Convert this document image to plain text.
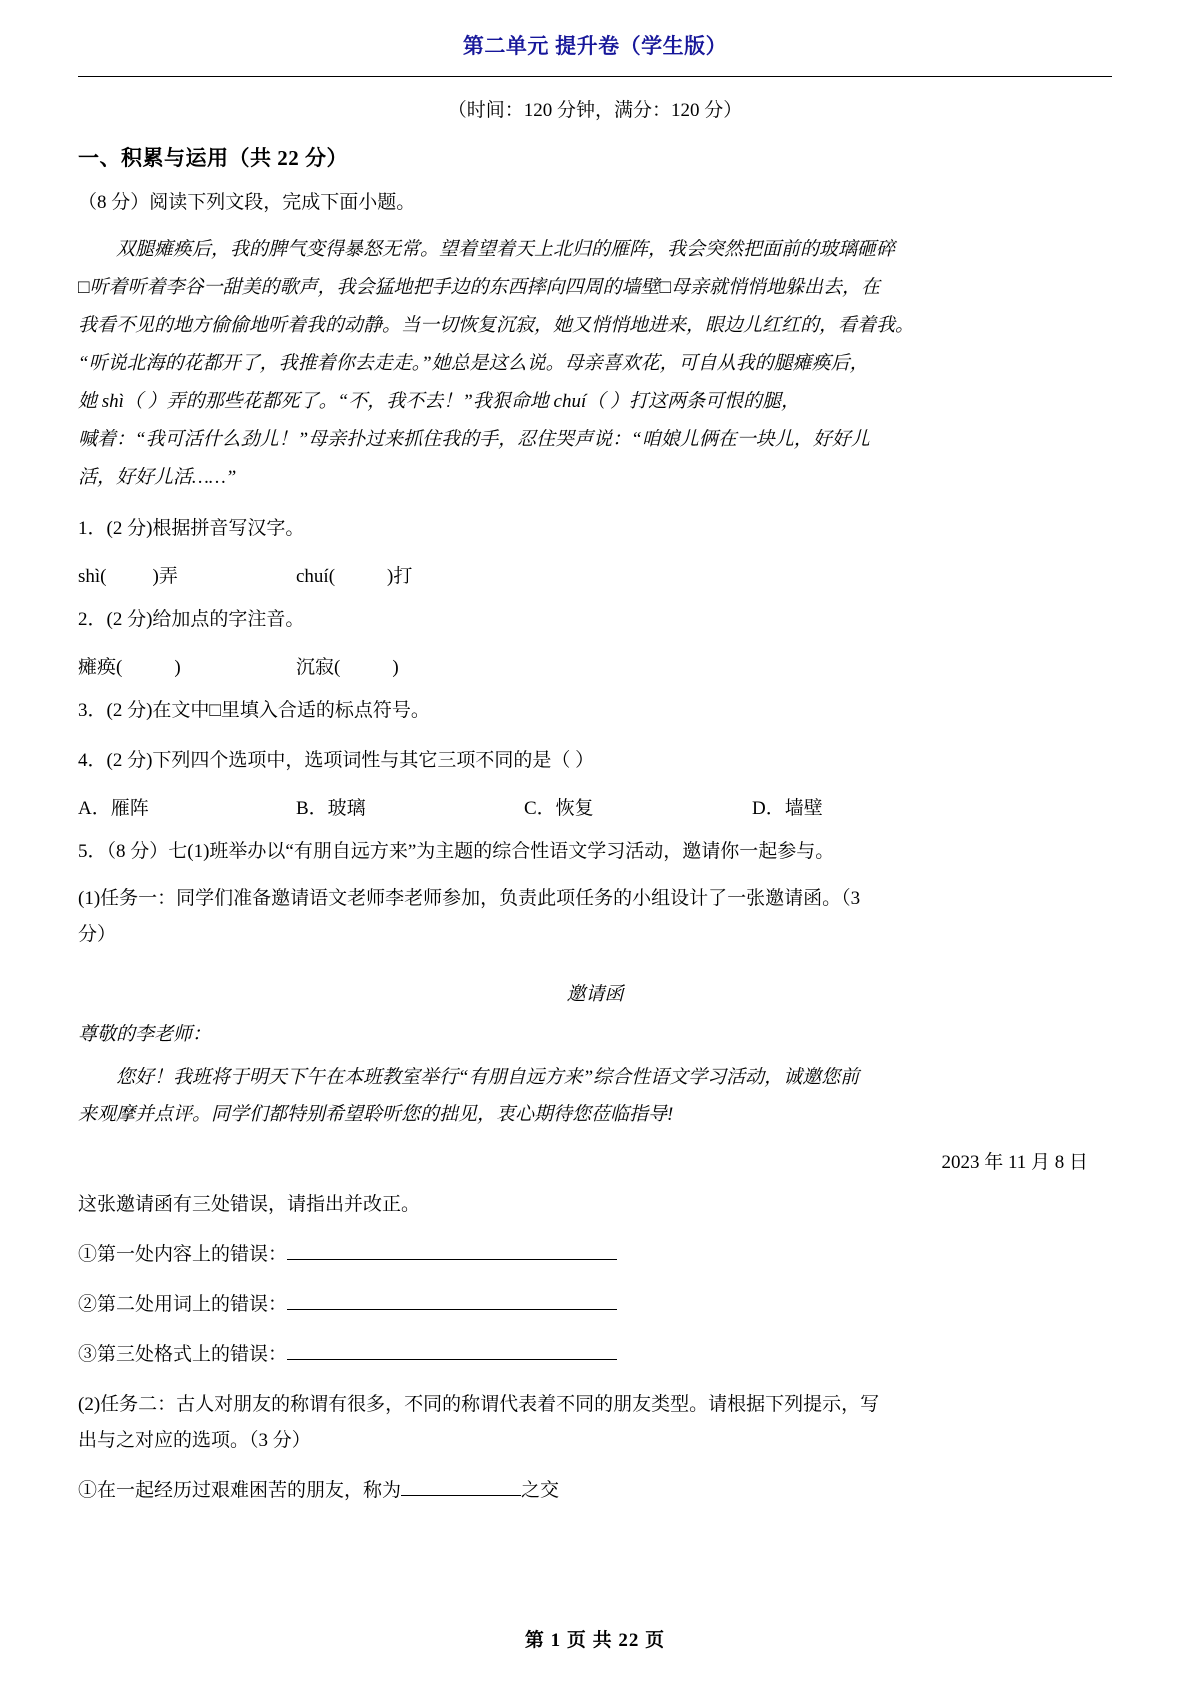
第二单元 提升卷（学生版）
（时间：120 分钟，满分：120 分）
一、积累与运用（共 22 分）

（8 分）阅读下列文段，完成下面小题。

双腿瘫痪后，我的脾气变得暴怒无常。望着望着天上北归的雁阵，我会突然把面前的玻璃砸碎
□听着听着李谷一甜美的歌声，我会猛地把手边的东西摔向四周的墙壁□母亲就悄悄地躲出去，在
我看不见的地方偷偷地听着我的动静。当一切恢复沉寂，她又悄悄地进来，眼边儿红红的，看着我。
“听说北海的花都开了，我推着你去走走。”她总是这么说。母亲喜欢花，可自从我的腿瘫痪后，
她 shì（ ）弄的那些花都死了。“不，我不去！”我狠命地 chuí（ ）打这两条可恨的腿，
喊着：“我可活什么劲儿！”母亲扑过来抓住我的手，忍住哭声说：“咱娘儿俩在一块儿，好好儿
活，好好儿活……”
1．(2 分)根据拼音写汉字。
shì( )弄	chuí(	)打
2．(2 分)给加点的字注音。
瘫痪(	)	沉寂(	)
3．(2 分)在文中□里填入合适的标点符号。
4．(2 分)下列四个选项中，选项词性与其它三项不同的是（ ）
A．雁阵	B．玻璃	C．恢复	D．墙壁
5．（8 分）七(1)班举办以“有朋自远方来”为主题的综合性语文学习活动，邀请你一起参与。
(1)任务一：同学们准备邀请语文老师李老师参加，负责此项任务的小组设计了一张邀请函。（3
分）
邀请函
尊敬的李老师：
您好！我班将于明天下午在本班教室举行“有朋自远方来”综合性语文学习活动，诚邀您前
来观摩并点评。同学们都特别希望聆听您的拙见，衷心期待您莅临指导!
2023 年 11 月 8 日

这张邀请函有三处错误，请指出并改正。

①第一处内容上的错误：
②第二处用词上的错误：
③第三处格式上的错误：
(2)任务二：古人对朋友的称谓有很多，不同的称谓代表着不同的朋友类型。请根据下列提示，写
出与之对应的选项。（3 分）
①在一起经历过艰难困苦的朋友，称为	之交
第 1 页 共 22 页
